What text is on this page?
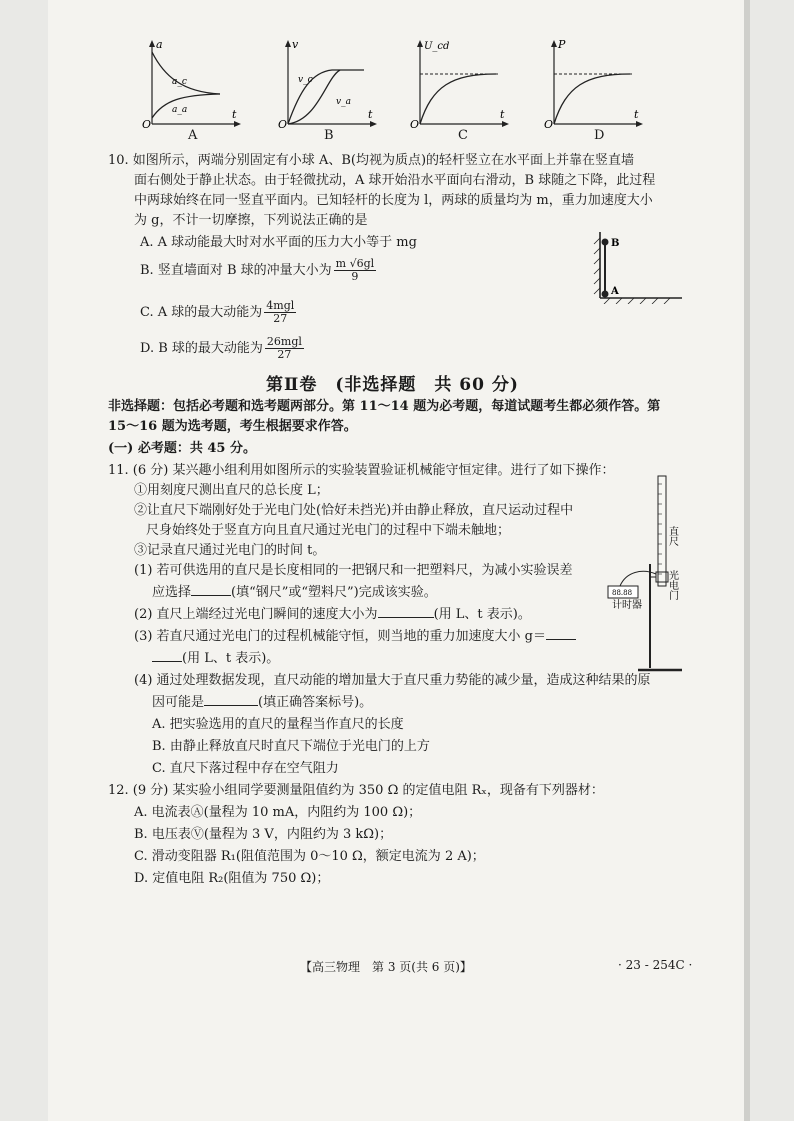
a
a_c
a_a
O
t
A
v
v_c
v_a
O
t
B
U_cd
O
t
C
P
O
t
D
10. 如图所示，两端分别固定有小球 A、B(均视为质点)的轻杆竖立在水平面上并靠在竖直墙
面右侧处于静止状态。由于轻微扰动，A 球开始沿水平面向右滑动，B 球随之下降，此过程
中两球始终在同一竖直平面内。已知轻杆的长度为 l，两球的质量均为 m，重力加速度大小
为 g，不计一切摩擦，下列说法正确的是
A. A 球动能最大时对水平面的压力大小等于 mg
B. 竖直墙面对 B 球的冲量大小为 $\frac{m √6gl}{9}$
C. A 球的最大动能为 $\frac{\text{4mgl}}{27}$
D. B 球的最大动能为 $\frac{\text{26mgl}}{27}$
B
A
第Ⅱ卷　(非选择题　共 60 分)
非选择题：包括必考题和选考题两部分。第 11～14 题为必考题，每道试题考生都必须作答。第
15～16 题为选考题，考生根据要求作答。
(一) 必考题：共 45 分。
11. (6 分) 某兴趣小组利用如图所示的实验装置验证机械能守恒定律。进行了如下操作：
①用刻度尺测出直尺的总长度 L；
②让直尺下端刚好处于光电门处(恰好未挡光)并由静止释放，直尺运动过程中
尺身始终处于竖直方向且直尺通过光电门的过程中下端未触地；
③记录直尺通过光电门的时间 t。
(1) 若可供选用的直尺是长度相同的一把钢尺和一把塑料尺，为减小实验误差
应选择	(填“钢尺”或“塑料尺”)完成该实验。
(2) 直尺上端经过光电门瞬间的速度大小为	(用 L、t 表示)。
(3) 若直尺通过光电门的过程机械能守恒，则当地的重力加速度大小 g＝
(用 L、t 表示)。
(4) 通过处理数据发现，直尺动能的增加量大于直尺重力势能的减少量，造成这种结果的原
因可能是	(填正确答案标号)。
A. 把实验选用的直尺的量程当作直尺的长度
B. 由静止释放直尺时直尺下端位于光电门的上方
C. 直尺下落过程中存在空气阻力
88.88
计时器
直尺
光电门
12. (9 分) 某实验小组同学要测量阻值约为 350 Ω 的定值电阻 Rₓ，现备有下列器材：
A. 电流表Ⓐ(量程为 10 mA，内阻约为 100 Ω)；
B. 电压表Ⓥ(量程为 3 V，内阻约为 3 kΩ)；
C. 滑动变阻器 R₁(阻值范围为 0～10 Ω，额定电流为 2 A)；
D. 定值电阻 R₂(阻值为 750 Ω)；
【高三物理　第 3 页(共 6 页)】	· 23 - 254C ·
